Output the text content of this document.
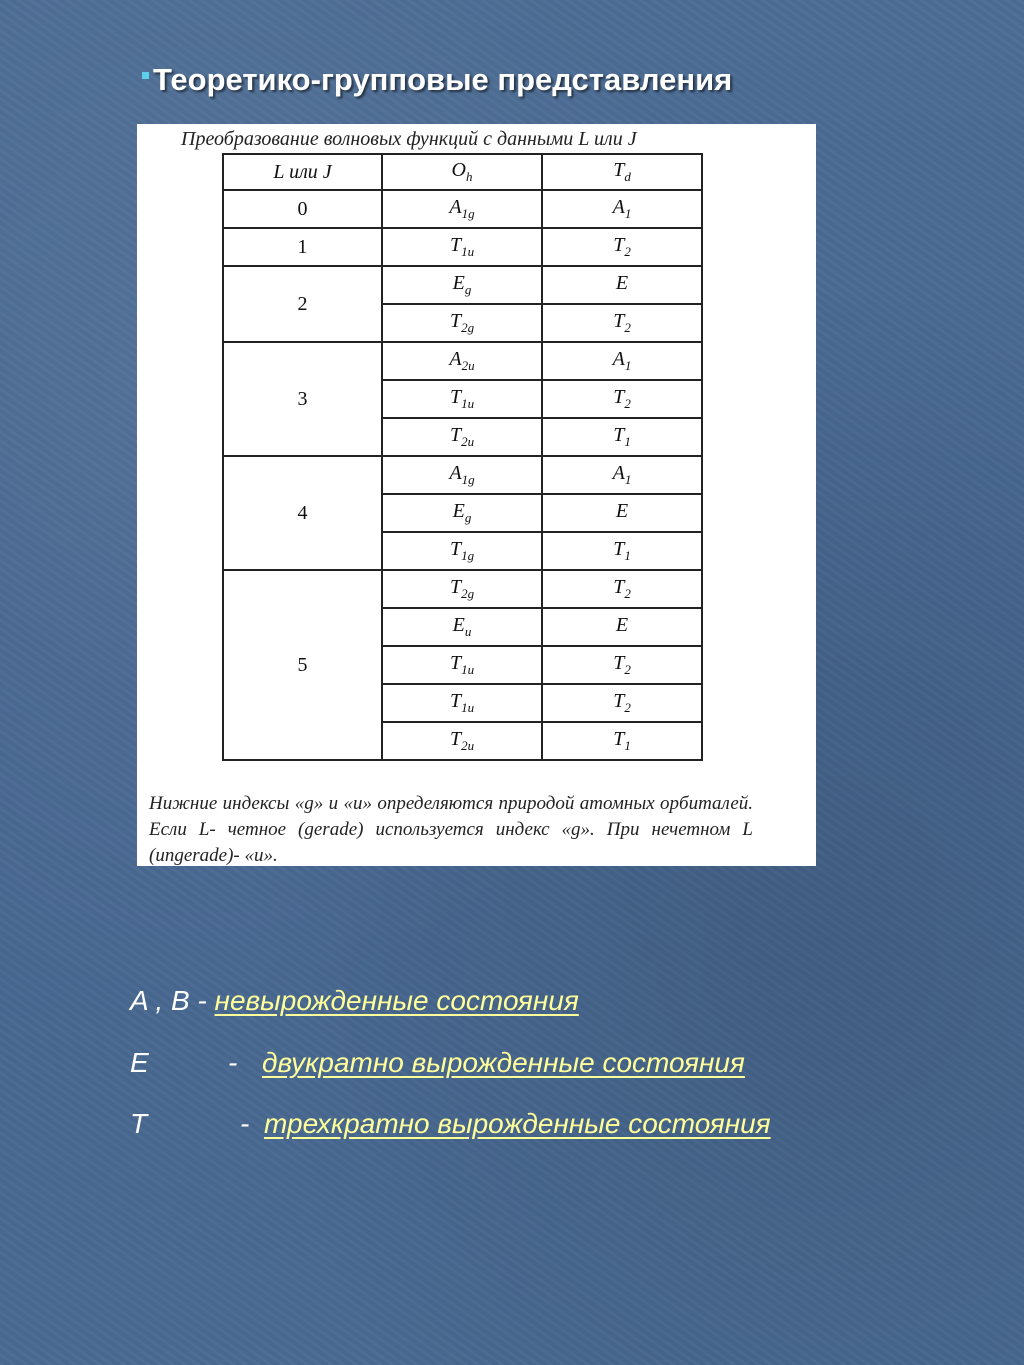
Теоретико-групповые представления
Преобразование волновых функций с данными L или J
L или J	$O_h$	$T_d$
0	$A_{1g}$	$A_1$
1	$T_{1u}$	$T_2$
2	$E_g$	E
	$T_{2g}$	$T_2$
3	$A_{2u}$	$A_1$
	$T_{1u}$	$T_2$
	$T_{2u}$	$T_1$
4	$A_{1g}$	$A_1$
	$E_g$	E
	$T_{1g}$	$T_1$
5	$T_{2g}$	$T_2$
	$E_u$	E
	$T_{1u}$	$T_2$
	$T_{1u}$	$T_2$
	$T_{2u}$	$T_1$
Нижние индексы «g» и «u» определяются природой атомных орбиталей. Если L- четное (gerade) используется индекс «g». При нечетном L (ungerade)- «u».
A , B - невырожденные состояния
E	- двукратно вырожденные состояния
T	- трехкратно вырожденные состояния
